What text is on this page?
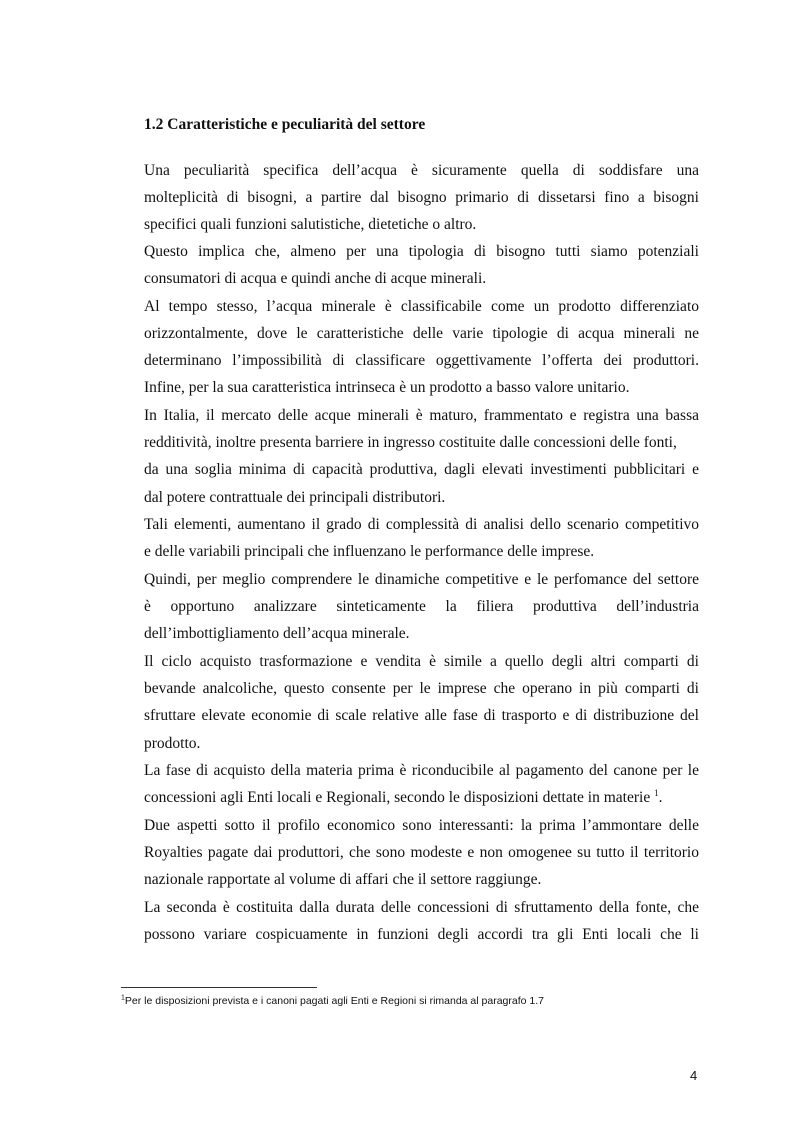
1.2 Caratteristiche e peculiarità del settore
Una peculiarità specifica dell’acqua è sicuramente quella di soddisfare una
molteplicità di bisogni, a partire dal bisogno primario di dissetarsi fino a bisogni
specifici quali funzioni salutistiche, dietetiche o altro.
Questo implica che, almeno per una tipologia di bisogno tutti siamo potenziali
consumatori di acqua e quindi anche di acque minerali.
Al tempo stesso, l’acqua minerale è classificabile come un prodotto differenziato
orizzontalmente, dove le caratteristiche delle varie tipologie di acqua minerali ne
determinano l’impossibilità di classificare oggettivamente l’offerta dei produttori.
Infine, per la sua caratteristica intrinseca è un prodotto a basso valore unitario.
In Italia, il mercato delle acque minerali è maturo, frammentato e registra una bassa
redditività, inoltre presenta barriere in ingresso costituite dalle concessioni delle fonti,
da una soglia minima di capacità produttiva, dagli elevati investimenti pubblicitari e
dal potere contrattuale dei principali distributori.
Tali elementi, aumentano il grado di complessità di analisi dello scenario competitivo
e delle variabili principali che influenzano le performance delle imprese.
Quindi, per meglio comprendere le dinamiche competitive e le perfomance del settore
è opportuno analizzare sinteticamente la filiera produttiva dell’industria
dell’imbottigliamento dell’acqua minerale.
Il ciclo acquisto trasformazione e vendita è simile a quello degli altri comparti di
bevande analcoliche, questo consente per le imprese che operano in più comparti di
sfruttare elevate economie di scale relative alle fase di trasporto e di distribuzione del
prodotto.
La fase di acquisto della materia prima è riconducibile al pagamento del canone per le
concessioni agli Enti locali e Regionali, secondo le disposizioni dettate in materie $^1$.
Due aspetti sotto il profilo economico sono interessanti: la prima l’ammontare delle
Royalties pagate dai produttori, che sono modeste e non omogenee su tutto il territorio
nazionale rapportate al volume di affari che il settore raggiunge.
La seconda è costituita dalla durata delle concessioni di sfruttamento della fonte, che
possono variare cospicuamente in funzioni degli accordi tra gli Enti locali che li
$^1$Per le disposizioni prevista e i canoni pagati agli Enti e Regioni si rimanda al paragrafo 1.7
4
